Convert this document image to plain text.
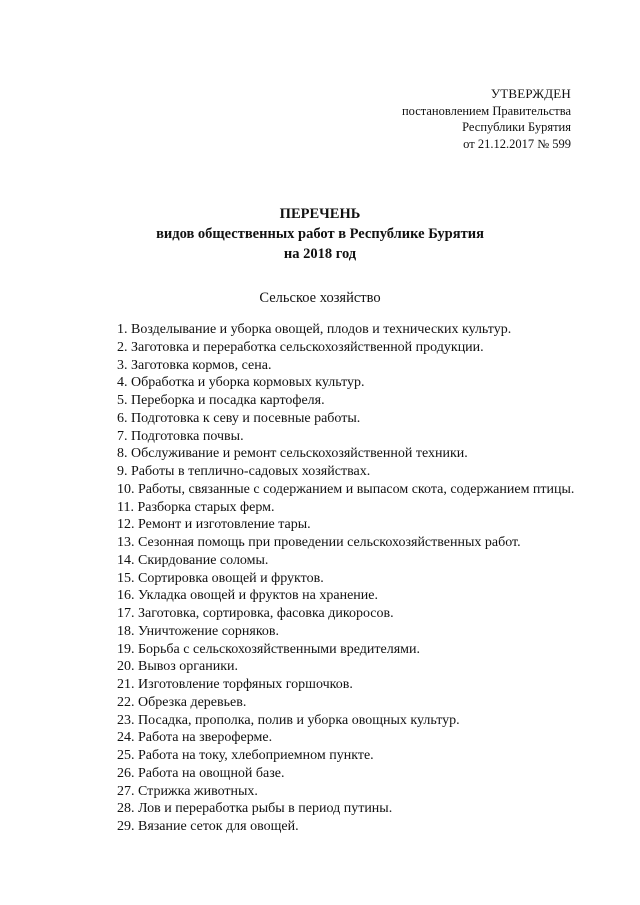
УТВЕРЖДЕН
постановлением Правительства
Республики Бурятия
от 21.12.2017 № 599
ПЕРЕЧЕНЬ
видов общественных работ в Республике Бурятия
на 2018 год
Сельское хозяйство
1. Возделывание и уборка овощей, плодов и технических культур.
2. Заготовка и переработка сельскохозяйственной продукции.
3. Заготовка кормов, сена.
4. Обработка и уборка кормовых культур.
5. Переборка и посадка картофеля.
6. Подготовка к севу и посевные работы.
7. Подготовка почвы.
8. Обслуживание и ремонт сельскохозяйственной техники.
9. Работы в теплично-садовых хозяйствах.
10. Работы, связанные с содержанием и выпасом скота, содержанием птицы.
11. Разборка старых ферм.
12. Ремонт и изготовление тары.
13. Сезонная помощь при проведении сельскохозяйственных работ.
14. Скирдование соломы.
15. Сортировка овощей и фруктов.
16. Укладка овощей и фруктов на хранение.
17. Заготовка, сортировка, фасовка дикоросов.
18. Уничтожение сорняков.
19. Борьба с сельскохозяйственными вредителями.
20. Вывоз органики.
21. Изготовление торфяных горшочков.
22. Обрезка деревьев.
23. Посадка, прополка, полив и уборка овощных культур.
24. Работа на звероферме.
25. Работа на току, хлебоприемном пункте.
26. Работа на овощной базе.
27. Стрижка животных.
28. Лов и переработка рыбы в период путины.
29. Вязание сеток для овощей.
